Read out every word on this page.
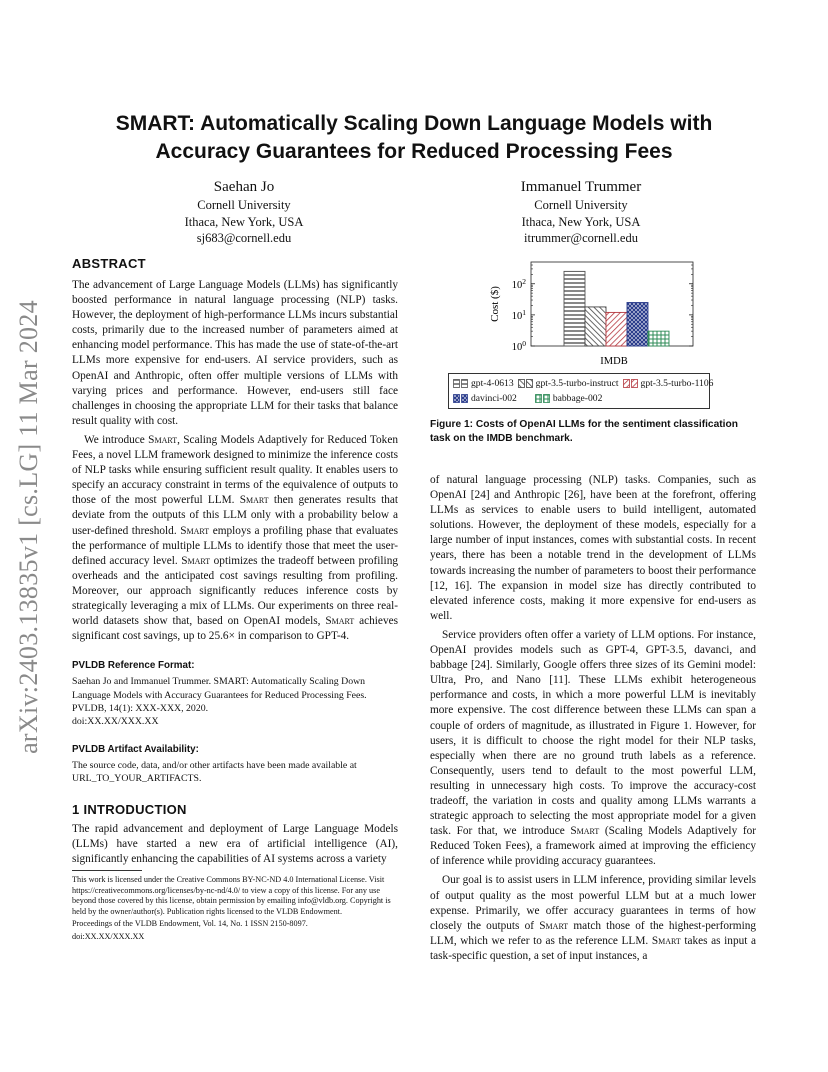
arXiv:2403.13835v1 [cs.LG] 11 Mar 2024
SMART: Automatically Scaling Down Language Models with
Accuracy Guarantees for Reduced Processing Fees
Saehan Jo
Cornell University
Ithaca, New York, USA
sj683@cornell.edu
Immanuel Trummer
Cornell University
Ithaca, New York, USA
itrummer@cornell.edu
ABSTRACT

The advancement of Large Language Models (LLMs) has significantly boosted performance in natural language processing (NLP) tasks. However, the deployment of high-performance LLMs incurs substantial costs, primarily due to the increased number of parameters aimed at enhancing model performance. This has made the use of state-of-the-art LLMs more expensive for end-users. AI service providers, such as OpenAI and Anthropic, often offer multiple versions of LLMs with varying prices and performance. However, end-users still face challenges in choosing the appropriate LLM for their tasks that balance result quality with cost.

We introduce Smart, Scaling Models Adaptively for Reduced Token Fees, a novel LLM framework designed to minimize the inference costs of NLP tasks while ensuring sufficient result quality. It enables users to specify an accuracy constraint in terms of the equivalence of outputs to those of the most powerful LLM. Smart then generates results that deviate from the outputs of this LLM only with a probability below a user-defined threshold. Smart employs a profiling phase that evaluates the performance of multiple LLMs to identify those that meet the user-defined accuracy level. Smart optimizes the tradeoff between profiling overheads and the anticipated cost savings resulting from profiling. Moreover, our approach significantly reduces inference costs by strategically leveraging a mix of LLMs. Our experiments on three real-world datasets show that, based on OpenAI models, Smart achieves significant cost savings, up to 25.6× in comparison to GPT-4.

PVLDB Reference Format:
Saehan Jo and Immanuel Trummer. SMART: Automatically Scaling Down Language Models with Accuracy Guarantees for Reduced Processing Fees. PVLDB, 14(1): XXX-XXX, 2020.
doi:XX.XX/XXX.XX
PVLDB Artifact Availability:
The source code, data, and/or other artifacts have been made available at URL_TO_YOUR_ARTIFACTS.
1 INTRODUCTION

The rapid advancement and deployment of Large Language Models (LLMs) have started a new era of artificial intelligence (AI), significantly enhancing the capabilities of AI systems across a variety

This work is licensed under the Creative Commons BY-NC-ND 4.0 International License. Visit https://creativecommons.org/licenses/by-nc-nd/4.0/ to view a copy of this license. For any use beyond those covered by this license, obtain permission by emailing info@vldb.org. Copyright is held by the owner/author(s). Publication rights licensed to the VLDB Endowment.

Proceedings of the VLDB Endowment, Vol. 14, No. 1 ISSN 2150-8097.

doi:XX.XX/XXX.XX

$10^0$
$10^1$
$10^2$
Cost ($)
IMDB
gpt-4-0613 gpt-3.5-turbo-instruct gpt-3.5-turbo-1106
davinci-002	babbage-002
Figure 1: Costs of OpenAI LLMs for the sentiment classification task on the IMDB benchmark.

of natural language processing (NLP) tasks. Companies, such as OpenAI [24] and Anthropic [26], have been at the forefront, offering LLMs as services to enable users to build intelligent, automated solutions. However, the deployment of these models, especially for a large number of input instances, comes with substantial costs. In recent years, there has been a notable trend in the development of LLMs towards increasing the number of parameters to boost their performance [12, 16]. The expansion in model size has directly contributed to elevated inference costs, making it more expensive for end-users as well.

Service providers often offer a variety of LLM options. For instance, OpenAI provides models such as GPT-4, GPT-3.5, davanci, and babbage [24]. Similarly, Google offers three sizes of its Gemini model: Ultra, Pro, and Nano [11]. These LLMs exhibit heterogeneous performance and costs, in which a more powerful LLM is inevitably more expensive. The cost difference between these LLMs can span a couple of orders of magnitude, as illustrated in Figure 1. However, for users, it is difficult to choose the right model for their NLP tasks, especially when there are no ground truth labels as a reference. Consequently, users tend to default to the most powerful LLM, resulting in unnecessary high costs. To improve the accuracy-cost tradeoff, the variation in costs and quality among LLMs warrants a strategic approach to selecting the most appropriate model for a given task. For that, we introduce Smart (Scaling Models Adaptively for Reduced Token Fees), a framework aimed at improving the efficiency of inference while providing accuracy guarantees.

Our goal is to assist users in LLM inference, providing similar levels of output quality as the most powerful LLM but at a much lower expense. Primarily, we offer accuracy guarantees in terms of how closely the outputs of Smart match those of the highest-performing LLM, which we refer to as the reference LLM. Smart takes as input a task-specific question, a set of input instances, a
